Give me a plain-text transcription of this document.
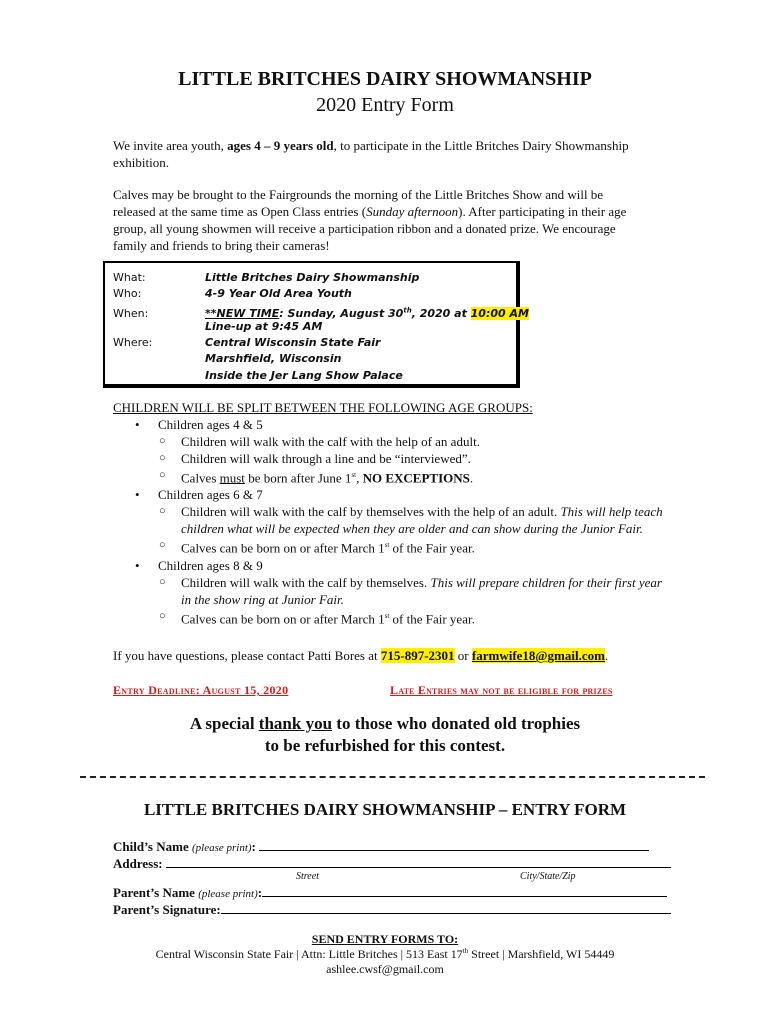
LITTLE BRITCHES DAIRY SHOWMANSHIP
2020 Entry Form
We invite area youth, ages 4 – 9 years old, to participate in the Little Britches Dairy Showmanship exhibition.
Calves may be brought to the Fairgrounds the morning of the Little Britches Show and will be released at the same time as Open Class entries (Sunday afternoon). After participating in their age group, all young showmen will receive a participation ribbon and a donated prize. We encourage family and friends to bring their cameras!
What:	Little Britches Dairy Showmanship
Who:	4-9 Year Old Area Youth
When:	**NEW TIME: Sunday, August 30th, 2020 at 10:00 AM
Line-up at 9:45 AM
Where:	Central Wisconsin State Fair
Marshfield, Wisconsin
Inside the Jer Lang Show Palace
CHILDREN WILL BE SPLIT BETWEEN THE FOLLOWING AGE GROUPS:
• Children ages 4 & 5
○ Children will walk with the calf with the help of an adult.
○ Children will walk through a line and be “interviewed”.
○ Calves must be born after June 1st, NO EXCEPTIONS.
• Children ages 6 & 7
○ Children will walk with the calf by themselves with the help of an adult. This will help teach children what will be expected when they are older and can show during the Junior Fair.
○ Calves can be born on or after March 1st of the Fair year.
• Children ages 8 & 9
○ Children will walk with the calf by themselves. This will prepare children for their first year in the show ring at Junior Fair.
○ Calves can be born on or after March 1st of the Fair year.
If you have questions, please contact Patti Bores at 715-897-2301 or farmwife18@gmail.com.
Entry Deadline: August 15, 2020	Late Entries may not be eligible for prizes
A special thank you to those who donated old trophies
to be refurbished for this contest.
LITTLE BRITCHES DAIRY SHOWMANSHIP – ENTRY FORM
Child’s Name (please print):
Address:
Street	City/State/Zip
Parent’s Name (please print):
Parent’s Signature:
SEND ENTRY FORMS TO:
Central Wisconsin State Fair | Attn: Little Britches | 513 East 17th Street | Marshfield, WI 54449
ashlee.cwsf@gmail.com
